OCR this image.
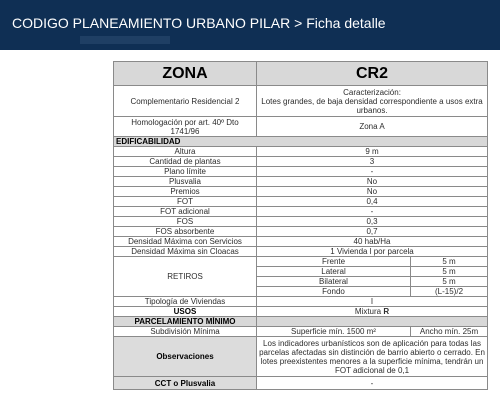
CODIGO PLANEAMIENTO URBANO PILAR > Ficha detalle
ZONA	CR2	
Complementario Residencial 2	Caracterización:
Lotes grandes, de baja densidad correspondiente a usos extra urbanos.	
Homologación por art. 40º Dto 1741/96	Zona A	
EDIFICABILIDAD		
Altura	9 m	
Cantidad de plantas	3	
Plano límite	-	
Plusvalia	No	
Premios	No	
FOT	0,4	
FOT adicional	-	
FOS	0,3	
FOS absorbente	0,7	
Densidad Máxima con Servicios	40 hab/Ha	
Densidad Máxima sin Cloacas	1 Vivienda l por parcela	
RETIROS	Frente	5 m
	Lateral	5 m
	Bilateral	5 m
	Fondo	(L-15)/2
Tipología de Viviendas	I	
USOS	Mixtura R	
PARCELAMIENTO MÍNIMO		
Subdivisión Mínima	Superficie mín. 1500 m²	Ancho mín. 25m
Observaciones	Los indicadores urbanísticos son de aplicación para todas las parcelas afectadas sin distinción de barrio abierto o cerrado. En lotes preexistentes menores a la superficie mínima, tendrán un FOT adicional de 0,1	
CCT o Plusvalia	-	
